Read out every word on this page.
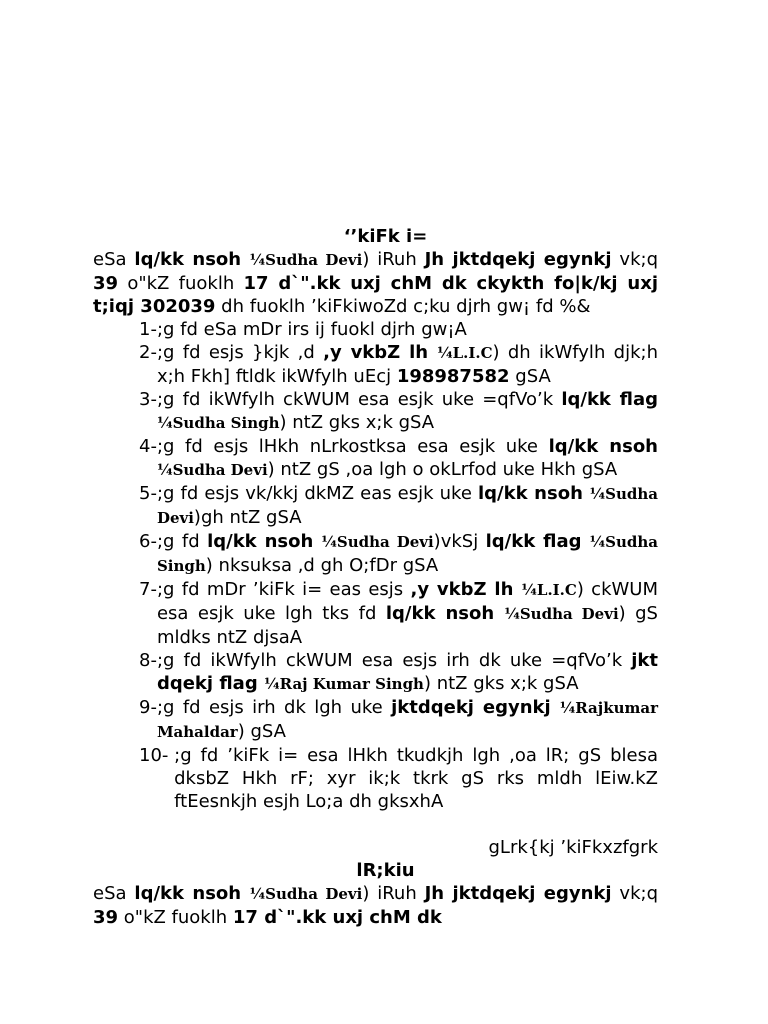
‘’kiFk i=
eSa lq/kk nsoh ¼Sudha Devi) iRuh Jh jktdqekj egynkj vk;q 39 o"kZ fuoklh 17 d`".kk uxj chM dk ckykth fo|k/kj uxj t;iqj 302039 dh fuoklh ’kiFkiwoZd c;ku djrh gw¡ fd %&
1- ;g fd eSa mDr irs ij fuokl djrh gw¡A
2- ;g fd esjs }kjk ,d ,y vkbZ lh ¼L.I.C) dh ikWfylh djk;h x;h Fkh] ftldk ikWfylh uEcj 198987582 gSA
3- ;g fd ikWfylh ckWUM esa esjk uke =qfVo’k lq/kk flag ¼Sudha Singh) ntZ gks x;k gSA
4- ;g fd esjs lHkh nLrkostksa esa esjk uke lq/kk nsoh ¼Sudha Devi) ntZ gS ,oa lgh o okLrfod uke Hkh gSA
5- ;g fd esjs vk/kkj dkMZ eas esjk uke lq/kk nsoh ¼Sudha Devi)gh ntZ gSA
6- ;g fd lq/kk nsoh ¼Sudha Devi)vkSj lq/kk flag ¼Sudha Singh) nksuksa ,d gh O;fDr gSA
7- ;g fd mDr ’kiFk i= eas esjs ,y vkbZ lh ¼L.I.C) ckWUM esa esjk uke lgh tks fd lq/kk nsoh ¼Sudha Devi) gS mldks ntZ djsaA
8- ;g fd ikWfylh ckWUM esa esjs irh dk uke =qfVo’k jkt dqekj flag ¼Raj Kumar Singh) ntZ gks x;k gSA
9- ;g fd esjs irh dk lgh uke jktdqekj egynkj ¼Rajkumar Mahaldar) gSA
10- ;g fd ’kiFk i= esa lHkh tkudkjh lgh ,oa lR; gS blesa dksbZ Hkh rF; xyr ik;k tkrk gS rks mldh lEiw.kZ ftEesnkjh esjh Lo;a dh gksxhA
gLrk{kj ’kiFkxzfgrk
lR;kiu
eSa lq/kk nsoh ¼Sudha Devi) iRuh Jh jktdqekj egynkj vk;q 39 o"kZ fuoklh 17 d`".kk uxj chM dk
